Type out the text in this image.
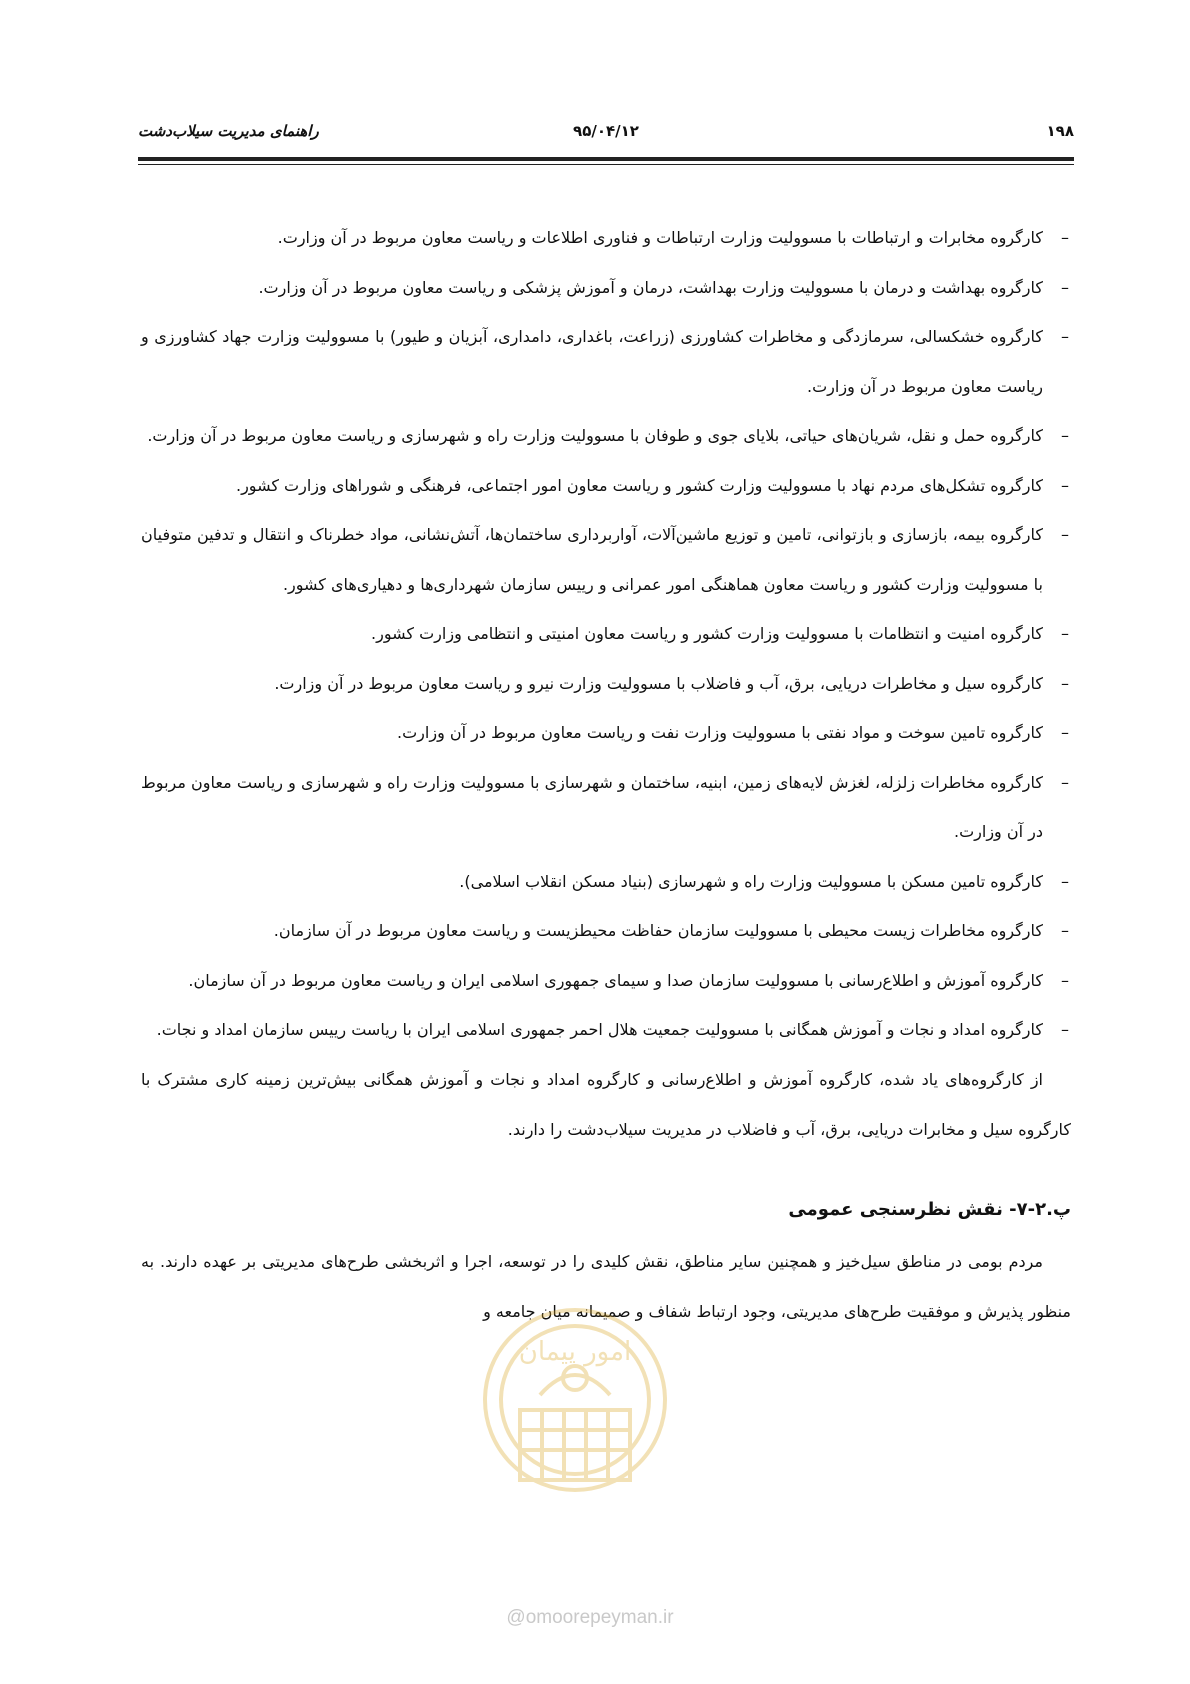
۱۹۸
۹۵/۰۴/۱۲
راهنمای مدیریت سیلاب‌دشت
–
کارگروه مخابرات و ارتباطات با مسوولیت وزارت ارتباطات و فناوری اطلاعات و ریاست معاون مربوط در آن وزارت.
–
کارگروه بهداشت و درمان با مسوولیت وزارت بهداشت، درمان و آموزش پزشکی و ریاست معاون مربوط در آن وزارت.
–
کارگروه خشکسالی، سرمازدگی و مخاطرات کشاورزی (زراعت، باغداری، دامداری، آبزیان و طیور) با مسوولیت وزارت جهاد کشاورزی و ریاست معاون مربوط در آن وزارت.
–
کارگروه حمل و نقل، شریان‌های حیاتی، بلایای جوی و طوفان با مسوولیت وزارت راه و شهرسازی و ریاست معاون مربوط در آن وزارت.
–
کارگروه تشکل‌های مردم نهاد با مسوولیت وزارت کشور و ریاست معاون امور اجتماعی، فرهنگی و شوراهای وزارت کشور.
–
کارگروه بیمه، بازسازی و بازتوانی، تامین و توزیع ماشین‌آلات، آواربرداری ساختمان‌ها، آتش‌نشانی، مواد خطرناک و انتقال و تدفین متوفیان با مسوولیت وزارت کشور و ریاست معاون هماهنگی امور عمرانی و رییس سازمان شهرداری‌ها و دهیاری‌های کشور.
–
کارگروه امنیت و انتظامات با مسوولیت وزارت کشور و ریاست معاون امنیتی و انتظامی وزارت کشور.
–
کارگروه سیل و مخاطرات دریایی، برق، آب و فاضلاب با مسوولیت وزارت نیرو و ریاست معاون مربوط در آن وزارت.
–
کارگروه تامین سوخت و مواد نفتی با مسوولیت وزارت نفت و ریاست معاون مربوط در آن وزارت.
–
کارگروه مخاطرات زلزله، لغزش لایه‌های زمین، ابنیه، ساختمان و شهرسازی با مسوولیت وزارت راه و شهرسازی و ریاست معاون مربوط در آن وزارت.
–
کارگروه تامین مسکن با مسوولیت وزارت راه و شهرسازی (بنیاد مسکن انقلاب اسلامی).
–
کارگروه مخاطرات زیست محیطی با مسوولیت سازمان حفاظت محیطزیست و ریاست معاون مربوط در آن سازمان.
–
کارگروه آموزش و اطلاع‌رسانی با مسوولیت سازمان صدا و سیمای جمهوری اسلامی ایران و ریاست معاون مربوط در آن سازمان.
–
کارگروه امداد و نجات و آموزش همگانی با مسوولیت جمعیت هلال احمر جمهوری اسلامی ایران با ریاست رییس سازمان امداد و نجات.

از کارگروه‌های یاد شده، کارگروه آموزش و اطلاع‌رسانی و کارگروه امداد و نجات و آموزش همگانی بیش‌ترین زمینه کاری مشترک با کارگروه سیل و مخابرات دریایی، برق، آب و فاضلاب در مدیریت سیلاب‌دشت را دارند.

پ.۲-۷- نقش نظرسنجی عمومی

مردم بومی در مناطق سیل‌خیز و همچنین سایر مناطق، نقش کلیدی را در توسعه، اجرا و اثربخشی طرح‌های مدیریتی بر عهده دارند. به منظور پذیرش و موفقیت طرح‌های مدیریتی، وجود ارتباط شفاف و صمیمانه میان جامعه و

امور پیمان
@omoorepeyman.ir
